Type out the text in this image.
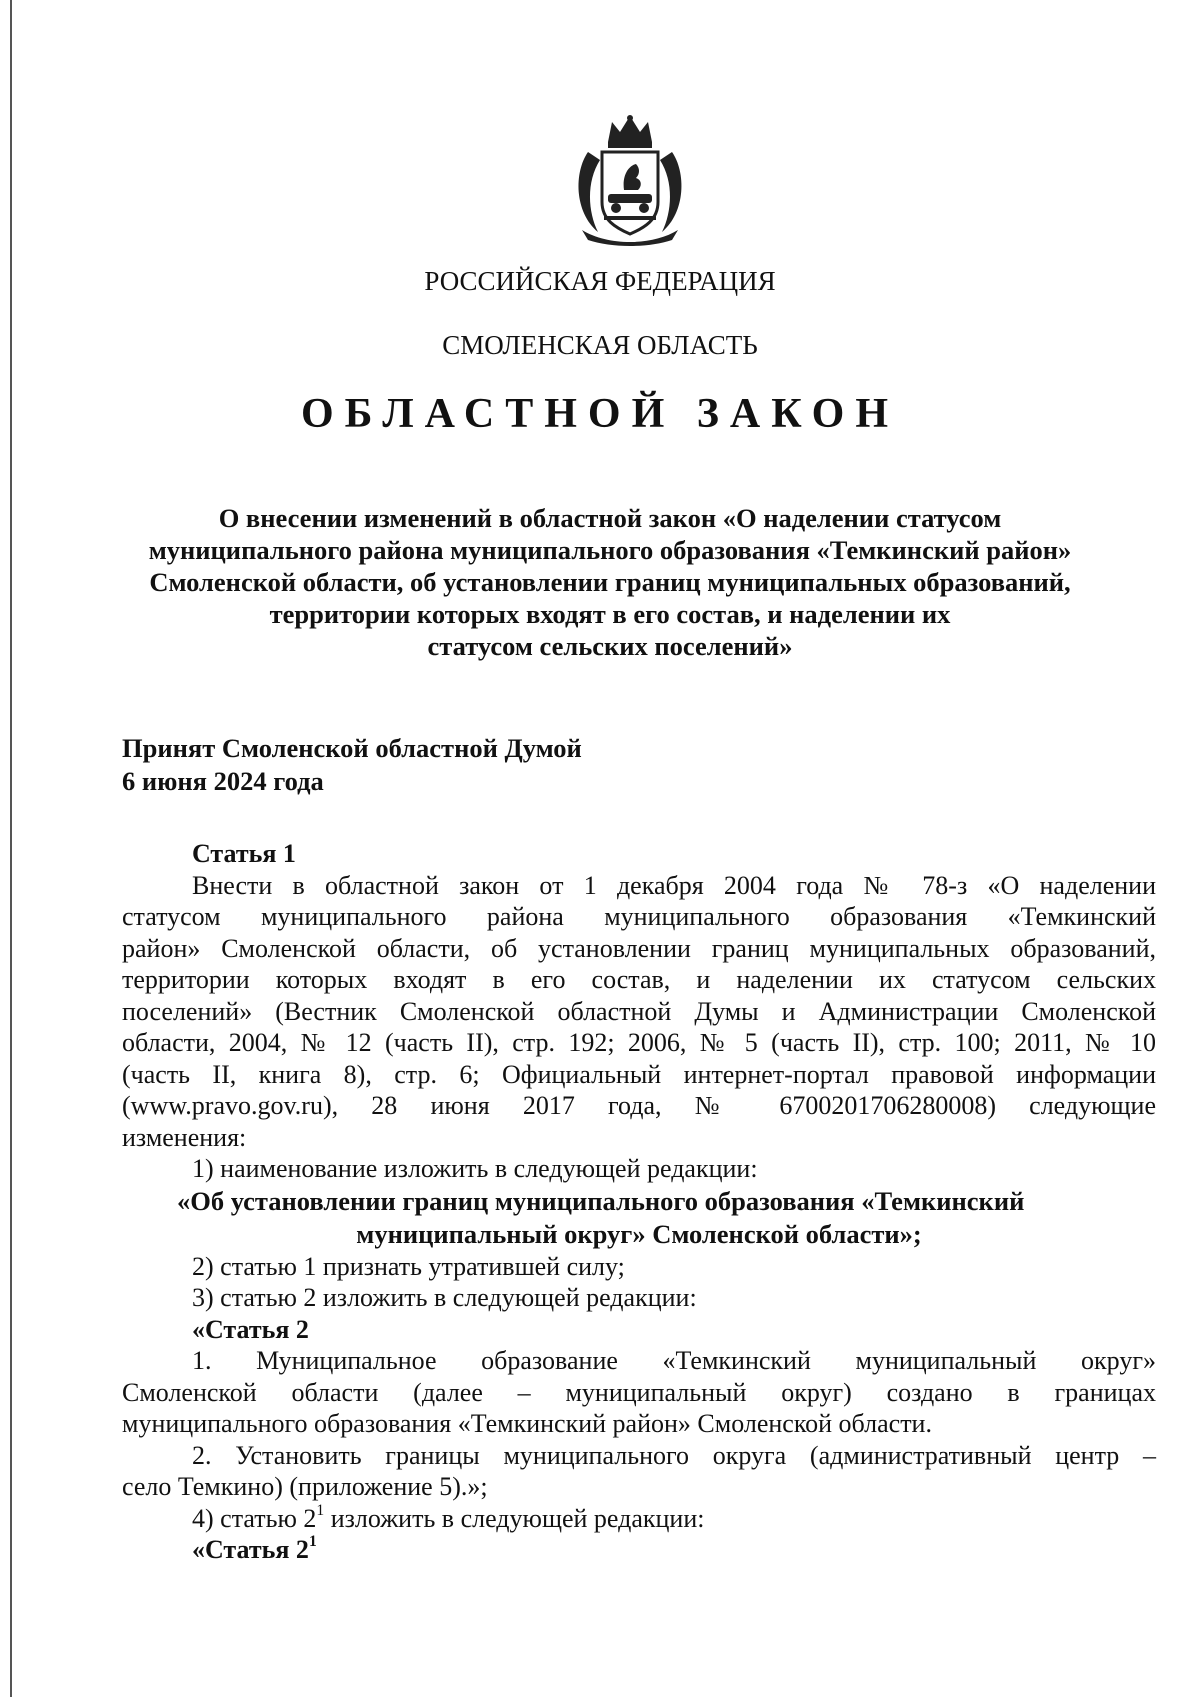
РОССИЙСКАЯ ФЕДЕРАЦИЯ
СМОЛЕНСКАЯ ОБЛАСТЬ
ОБЛАСТНОЙ ЗАКОН
О внесении изменений в областной закон «О наделении статусом
муниципального района муниципального образования «Темкинский район»
Смоленской области, об установлении границ муниципальных образований,
территории которых входят в его состав, и наделении их
статусом сельских поселений»
Принят Смоленской областной Думой
6 июня 2024 года
Статья 1
Внести в областной закон от 1 декабря 2004 года № 78-з «О наделении
статусом муниципального района муниципального образования «Темкинский
район» Смоленской области, об установлении границ муниципальных образований,
территории которых входят в его состав, и наделении их статусом сельских
поселений» (Вестник Смоленской областной Думы и Администрации Смоленской
области, 2004, № 12 (часть II), стр. 192; 2006, № 5 (часть II), стр. 100; 2011, № 10
(часть II, книга 8), стр. 6; Официальный интернет-портал правовой информации
(www.pravo.gov.ru), 28 июня 2017 года, № 6700201706280008) следующие
изменения:
1) наименование изложить в следующей редакции:
«Об установлении границ муниципального образования «Темкинский
муниципальный округ» Смоленской области»;
2) статью 1 признать утратившей силу;
3) статью 2 изложить в следующей редакции:
«Статья 2
1. Муниципальное образование «Темкинский муниципальный округ»
Смоленской области (далее – муниципальный округ) создано в границах
муниципального образования «Темкинский район» Смоленской области.
2. Установить границы муниципального округа (административный центр –
село Темкино) (приложение 5).»;
4) статью $2^1$ изложить в следующей редакции:
«Статья $2^1$
